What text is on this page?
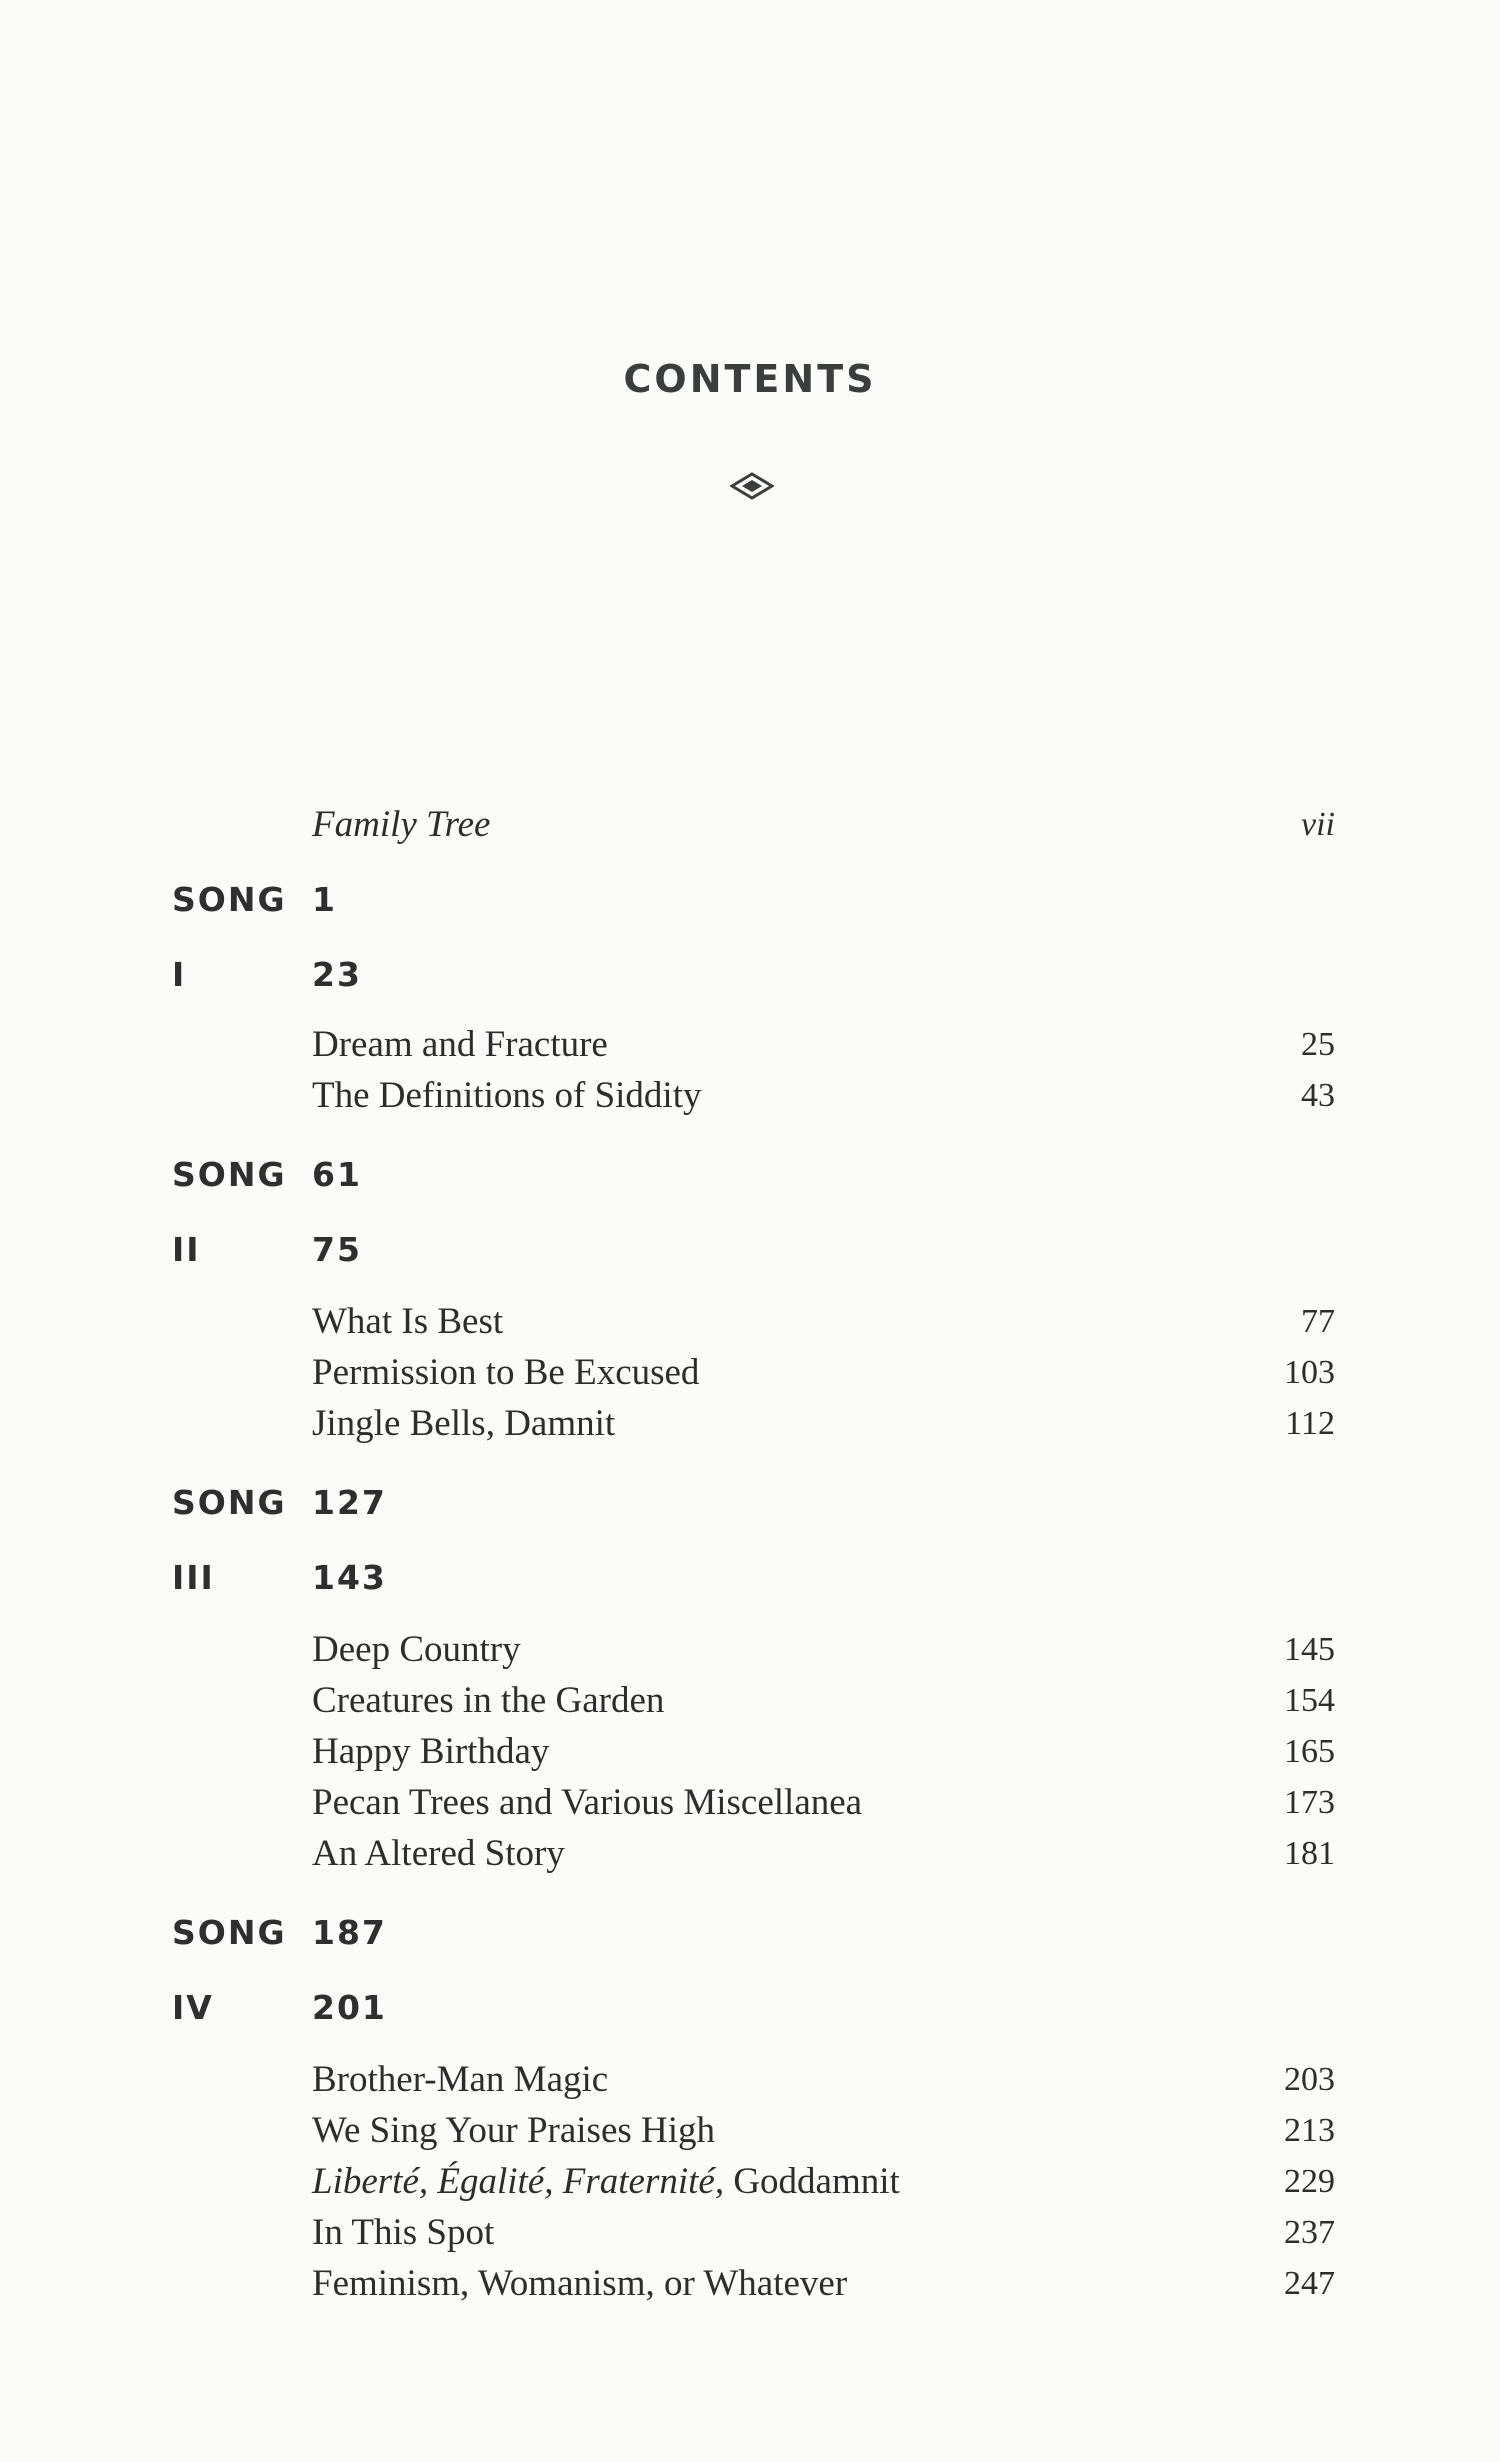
CONTENTS
Family Tree	vii
SONG 1
I	23
Dream and Fracture	25
The Definitions of Siddity	43
SONG 61
II	75
What Is Best	77
Permission to Be Excused	103
Jingle Bells, Damnit	112
SONG 127
III	143
Deep Country	145
Creatures in the Garden	154
Happy Birthday	165
Pecan Trees and Various Miscellanea	173
An Altered Story	181
SONG 187
IV	201
Brother-Man Magic	203
We Sing Your Praises High	213
Liberté, Égalité, Fraternité, Goddamnit	229
In This Spot	237
Feminism, Womanism, or Whatever	247
